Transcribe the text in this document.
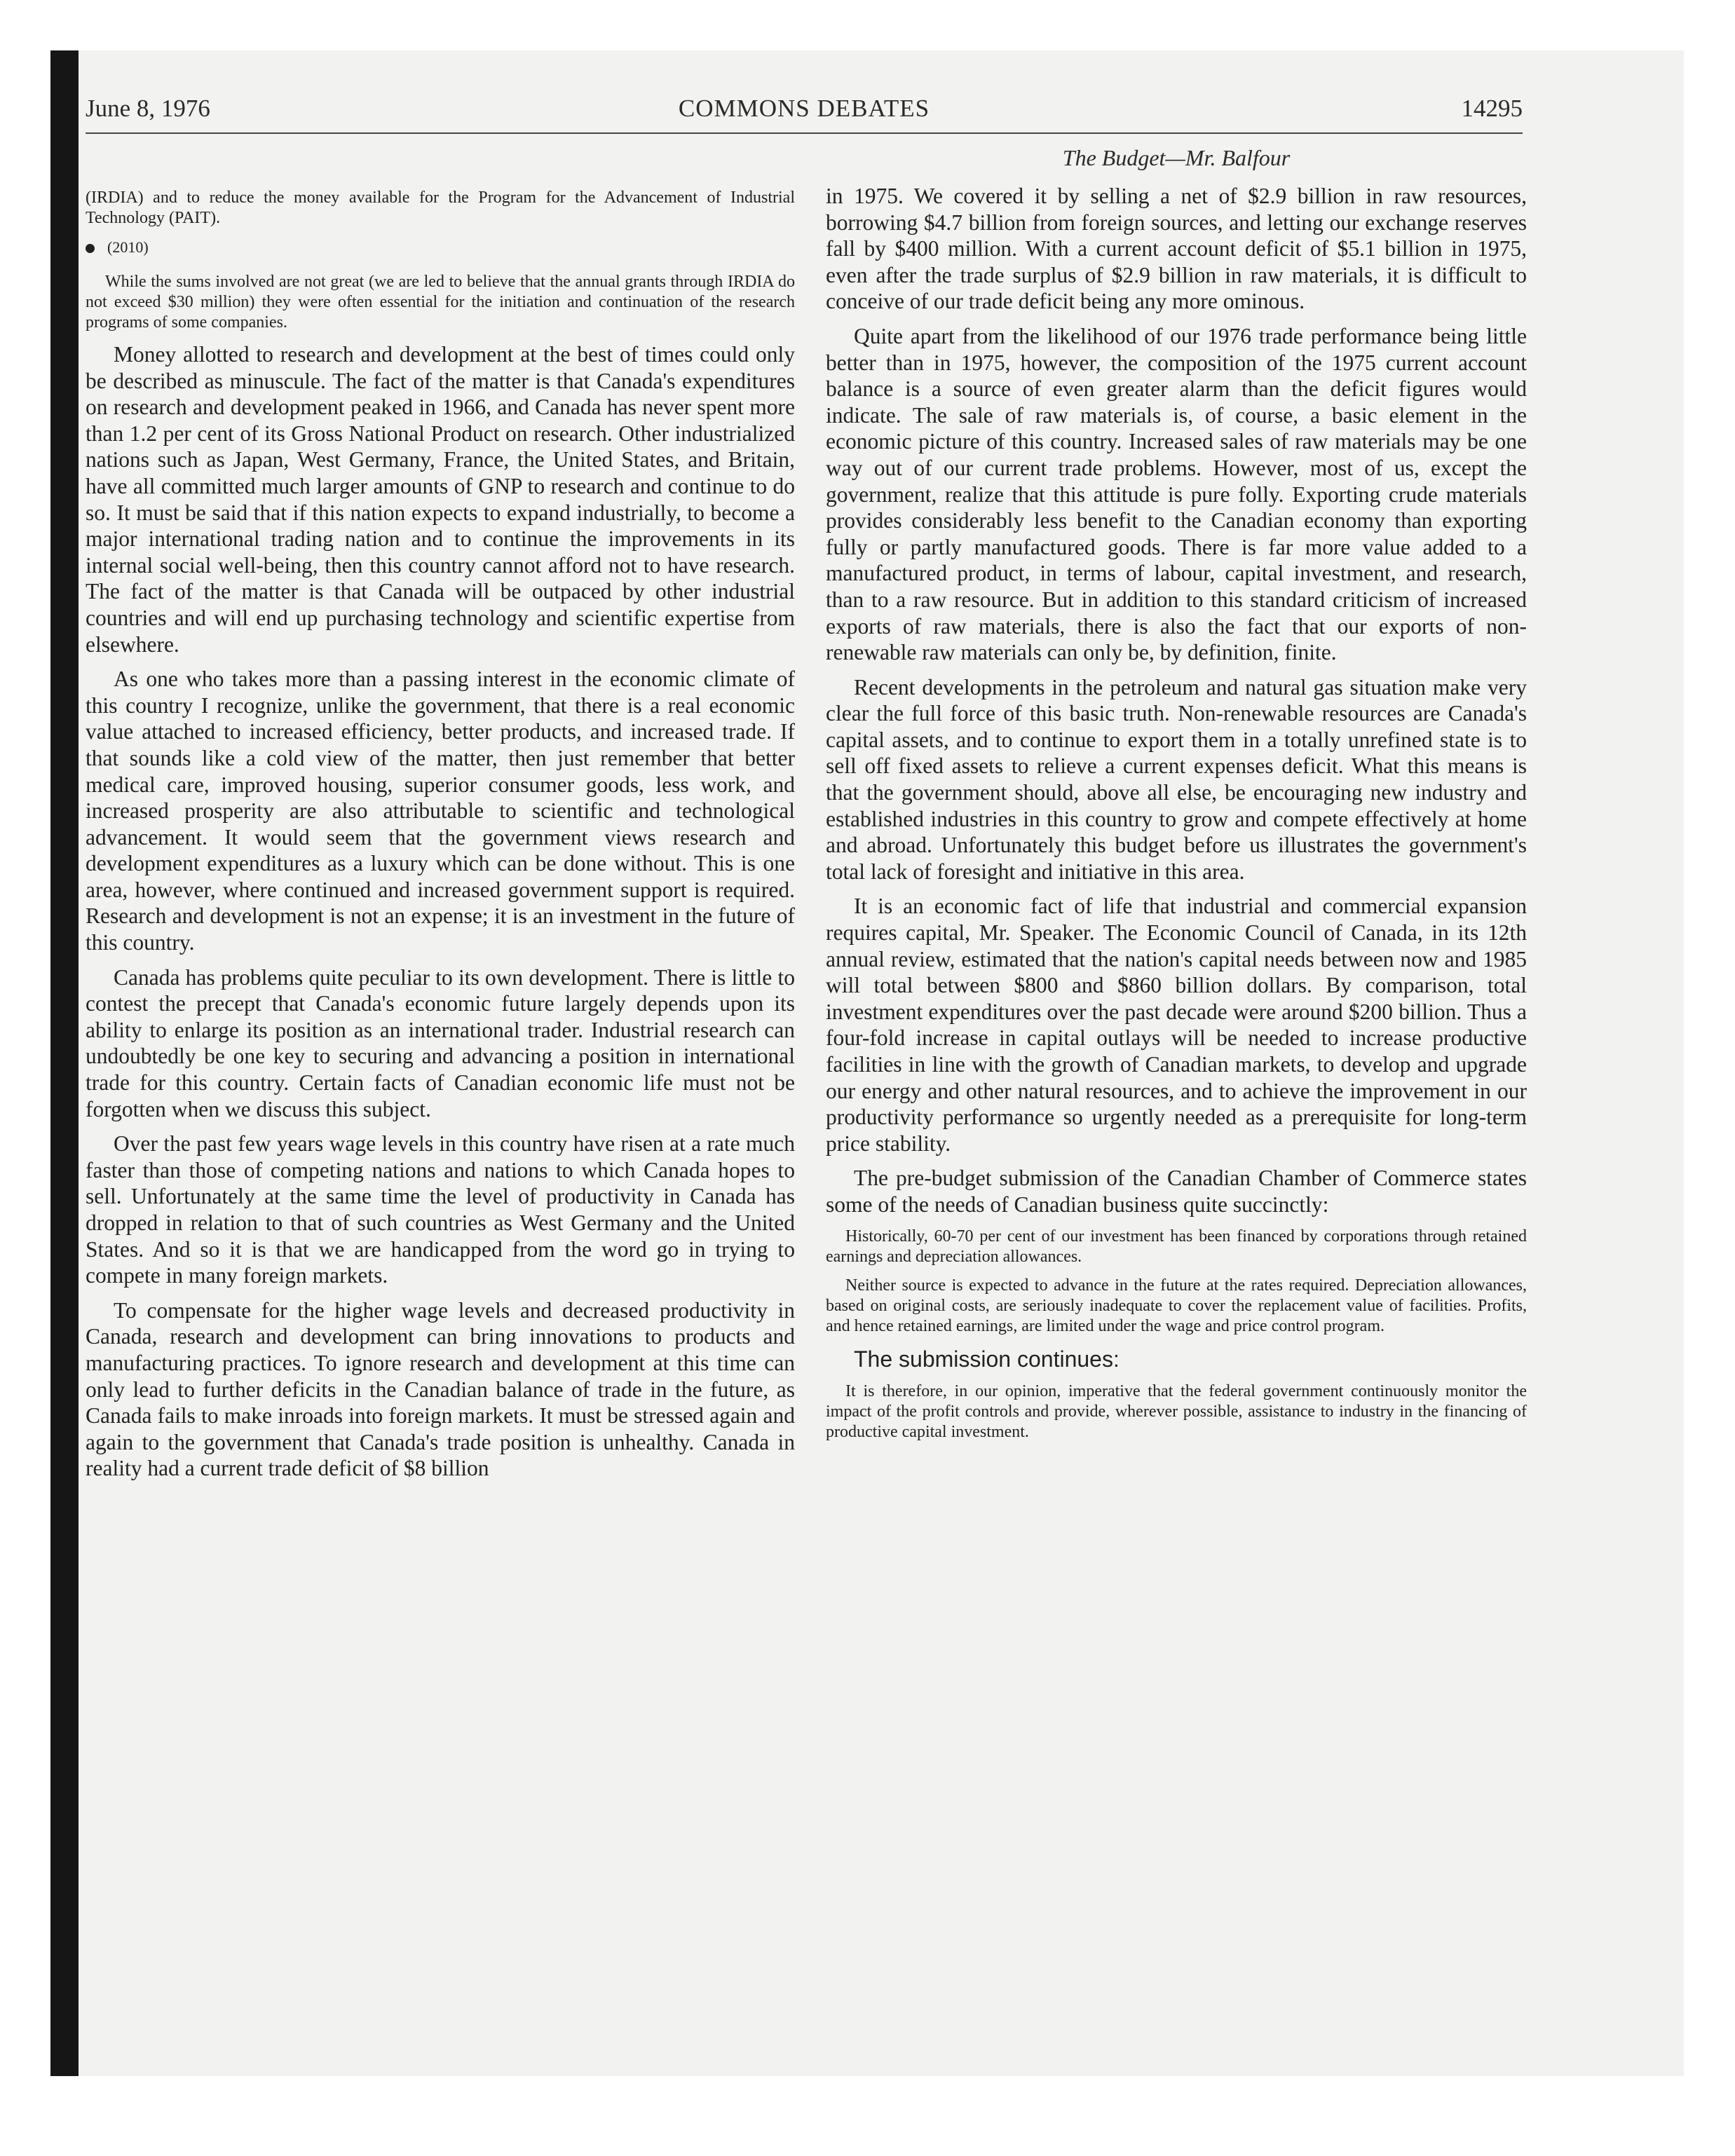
June 8, 1976	COMMONS DEBATES	14295

(IRDIA) and to reduce the money available for the Program for the Advancement of Industrial Technology (PAIT).

(2010)

While the sums involved are not great (we are led to believe that the annual grants through IRDIA do not exceed $30 million) they were often essential for the initiation and continuation of the research programs of some companies.

Money allotted to research and development at the best of times could only be described as minuscule. The fact of the matter is that Canada's expenditures on research and development peaked in 1966, and Canada has never spent more than 1.2 per cent of its Gross National Product on research. Other industrialized nations such as Japan, West Germany, France, the United States, and Britain, have all committed much larger amounts of GNP to research and continue to do so. It must be said that if this nation expects to expand industrially, to become a major international trading nation and to continue the improvements in its internal social well-being, then this country cannot afford not to have research. The fact of the matter is that Canada will be outpaced by other industrial countries and will end up purchasing technology and scientific expertise from elsewhere.

As one who takes more than a passing interest in the economic climate of this country I recognize, unlike the government, that there is a real economic value attached to increased efficiency, better products, and increased trade. If that sounds like a cold view of the matter, then just remember that better medical care, improved housing, superior consumer goods, less work, and increased prosperity are also attributable to scientific and technological advancement. It would seem that the government views research and development expenditures as a luxury which can be done without. This is one area, however, where continued and increased government support is required. Research and development is not an expense; it is an investment in the future of this country.

Canada has problems quite peculiar to its own development. There is little to contest the precept that Canada's economic future largely depends upon its ability to enlarge its position as an international trader. Industrial research can undoubtedly be one key to securing and advancing a position in international trade for this country. Certain facts of Canadian economic life must not be forgotten when we discuss this subject.

Over the past few years wage levels in this country have risen at a rate much faster than those of competing nations and nations to which Canada hopes to sell. Unfortunately at the same time the level of productivity in Canada has dropped in relation to that of such countries as West Germany and the United States. And so it is that we are handicapped from the word go in trying to compete in many foreign markets.

To compensate for the higher wage levels and decreased productivity in Canada, research and development can bring innovations to products and manufacturing practices. To ignore research and development at this time can only lead to further deficits in the Canadian balance of trade in the future, as Canada fails to make inroads into foreign markets. It must be stressed again and again to the government that Canada's trade position is unhealthy. Canada in reality had a current trade deficit of $8 billion

The Budget—Mr. Balfour

in 1975. We covered it by selling a net of $2.9 billion in raw resources, borrowing $4.7 billion from foreign sources, and letting our exchange reserves fall by $400 million. With a current account deficit of $5.1 billion in 1975, even after the trade surplus of $2.9 billion in raw materials, it is difficult to conceive of our trade deficit being any more ominous.

Quite apart from the likelihood of our 1976 trade performance being little better than in 1975, however, the composition of the 1975 current account balance is a source of even greater alarm than the deficit figures would indicate. The sale of raw materials is, of course, a basic element in the economic picture of this country. Increased sales of raw materials may be one way out of our current trade problems. However, most of us, except the government, realize that this attitude is pure folly. Exporting crude materials provides considerably less benefit to the Canadian economy than exporting fully or partly manufactured goods. There is far more value added to a manufactured product, in terms of labour, capital investment, and research, than to a raw resource. But in addition to this standard criticism of increased exports of raw materials, there is also the fact that our exports of non-renewable raw materials can only be, by definition, finite.

Recent developments in the petroleum and natural gas situation make very clear the full force of this basic truth. Non-renewable resources are Canada's capital assets, and to continue to export them in a totally unrefined state is to sell off fixed assets to relieve a current expenses deficit. What this means is that the government should, above all else, be encouraging new industry and established industries in this country to grow and compete effectively at home and abroad. Unfortunately this budget before us illustrates the government's total lack of foresight and initiative in this area.

It is an economic fact of life that industrial and commercial expansion requires capital, Mr. Speaker. The Economic Council of Canada, in its 12th annual review, estimated that the nation's capital needs between now and 1985 will total between $800 and $860 billion dollars. By comparison, total investment expenditures over the past decade were around $200 billion. Thus a four-fold increase in capital outlays will be needed to increase productive facilities in line with the growth of Canadian markets, to develop and upgrade our energy and other natural resources, and to achieve the improvement in our productivity performance so urgently needed as a prerequisite for long-term price stability.

The pre-budget submission of the Canadian Chamber of Commerce states some of the needs of Canadian business quite succinctly:

Historically, 60-70 per cent of our investment has been financed by corporations through retained earnings and depreciation allowances.

Neither source is expected to advance in the future at the rates required. Depreciation allowances, based on original costs, are seriously inadequate to cover the replacement value of facilities. Profits, and hence retained earnings, are limited under the wage and price control program.

The submission continues:

It is therefore, in our opinion, imperative that the federal government continuously monitor the impact of the profit controls and provide, wherever possible, assistance to industry in the financing of productive capital investment.
